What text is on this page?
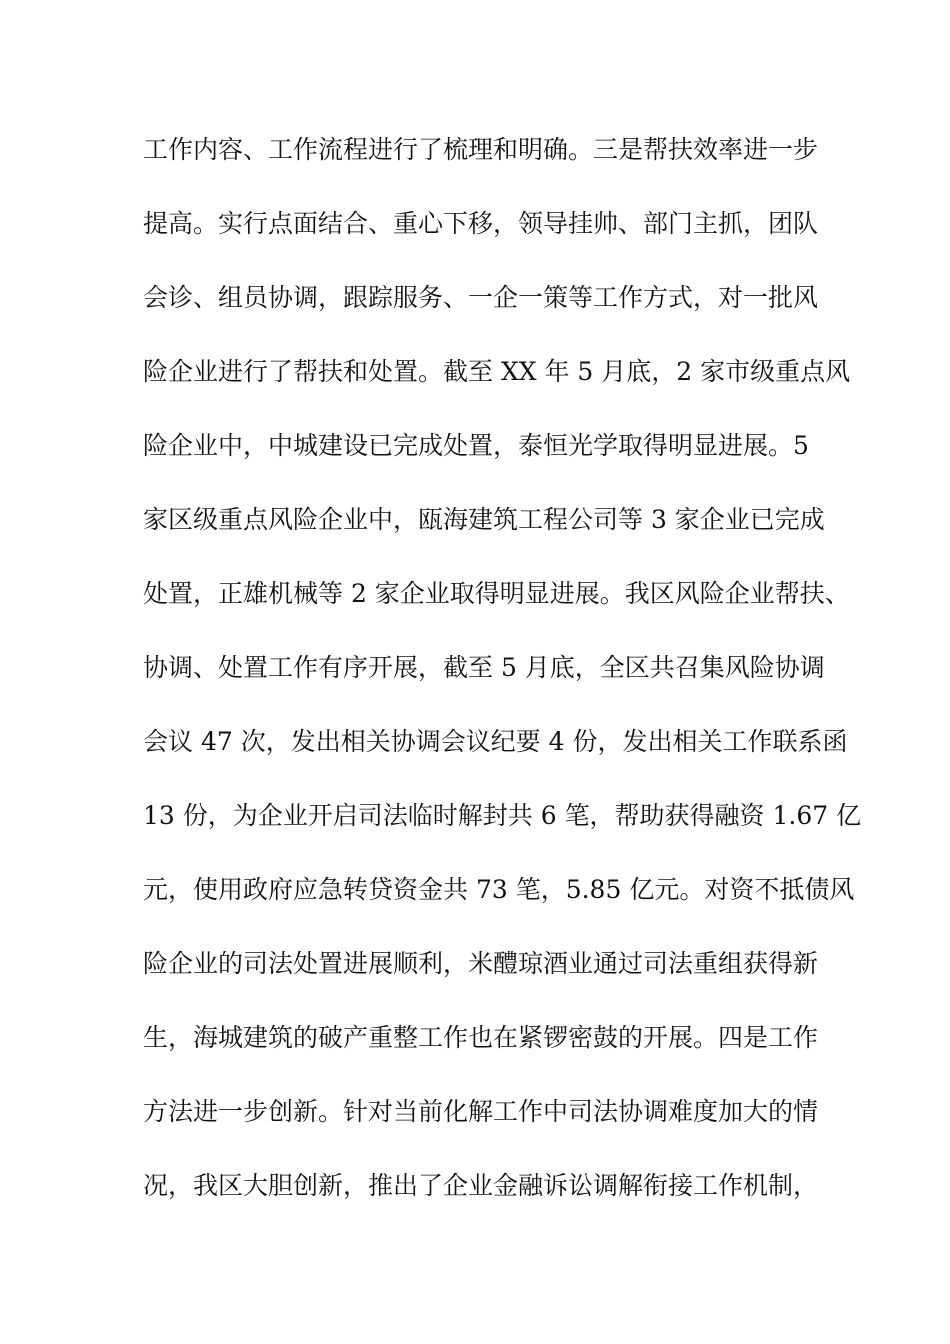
工作内容、工作流程进行了梳理和明确。三是帮扶效率进一步
提高。实行点面结合、重心下移，领导挂帅、部门主抓，团队
会诊、组员协调，跟踪服务、一企一策等工作方式，对一批风
险企业进行了帮扶和处置。截至 XX 年 5 月底，2 家市级重点风
险企业中，中城建设已完成处置，泰恒光学取得明显进展。5
家区级重点风险企业中，瓯海建筑工程公司等 3 家企业已完成
处置，正雄机械等 2 家企业取得明显进展。我区风险企业帮扶、
协调、处置工作有序开展，截至 5 月底，全区共召集风险协调
会议 47 次，发出相关协调会议纪要 4 份，发出相关工作联系函
13 份，为企业开启司法临时解封共 6 笔，帮助获得融资 1.67 亿
元，使用政府应急转贷资金共 73 笔，5.85 亿元。对资不抵债风
险企业的司法处置进展顺利，米醴琼酒业通过司法重组获得新
生，海城建筑的破产重整工作也在紧锣密鼓的开展。四是工作
方法进一步创新。针对当前化解工作中司法协调难度加大的情
况，我区大胆创新，推出了企业金融诉讼调解衔接工作机制，
